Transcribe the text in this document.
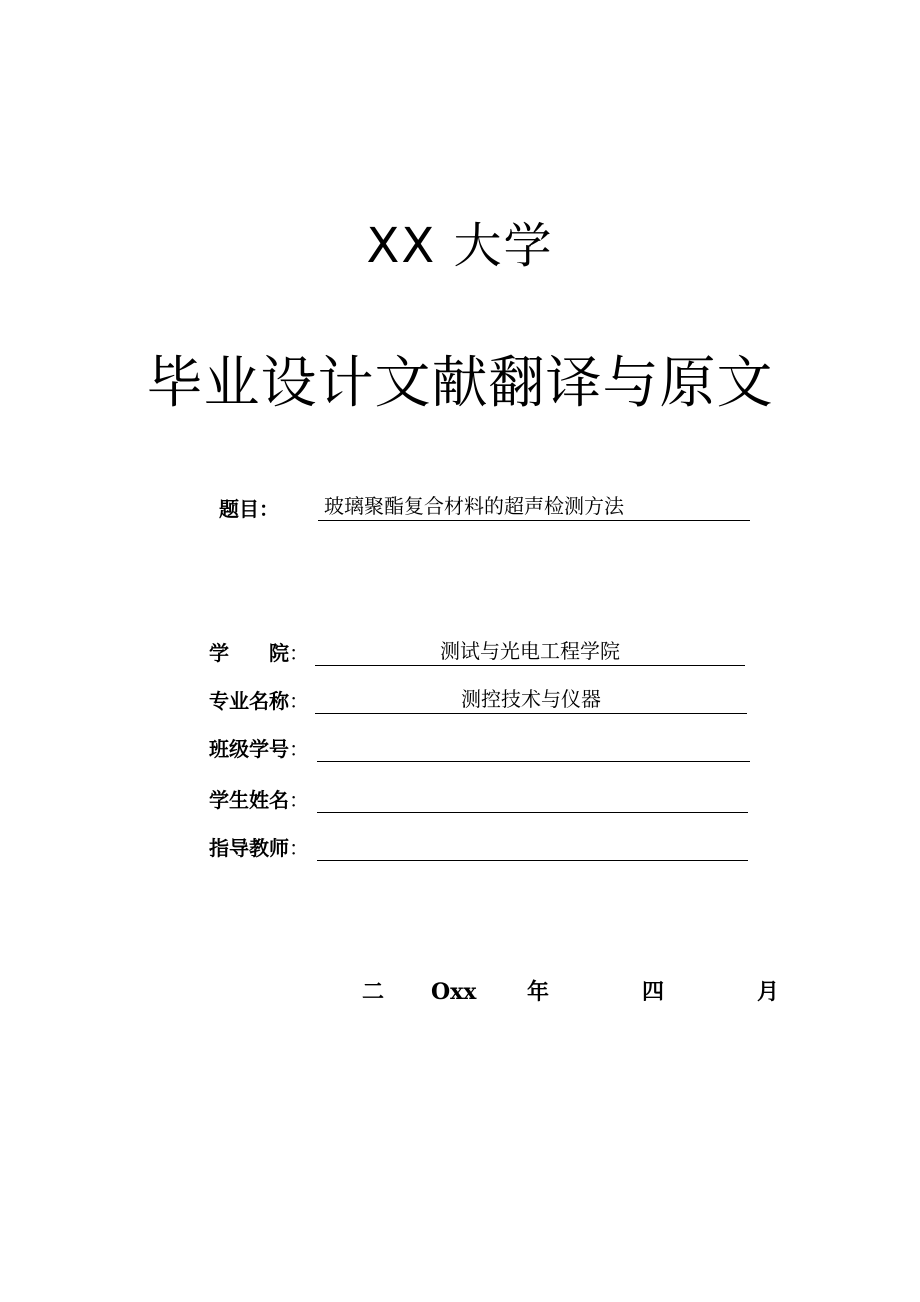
XX 大学
毕业设计文献翻译与原文
题目： 玻璃聚酯复合材料的超声检测方法
学　　院：	测试与光电工程学院
专业名称：	测控技术与仪器
班级学号：
学生姓名：
指导教师：
二 Oxx 年	四	月
